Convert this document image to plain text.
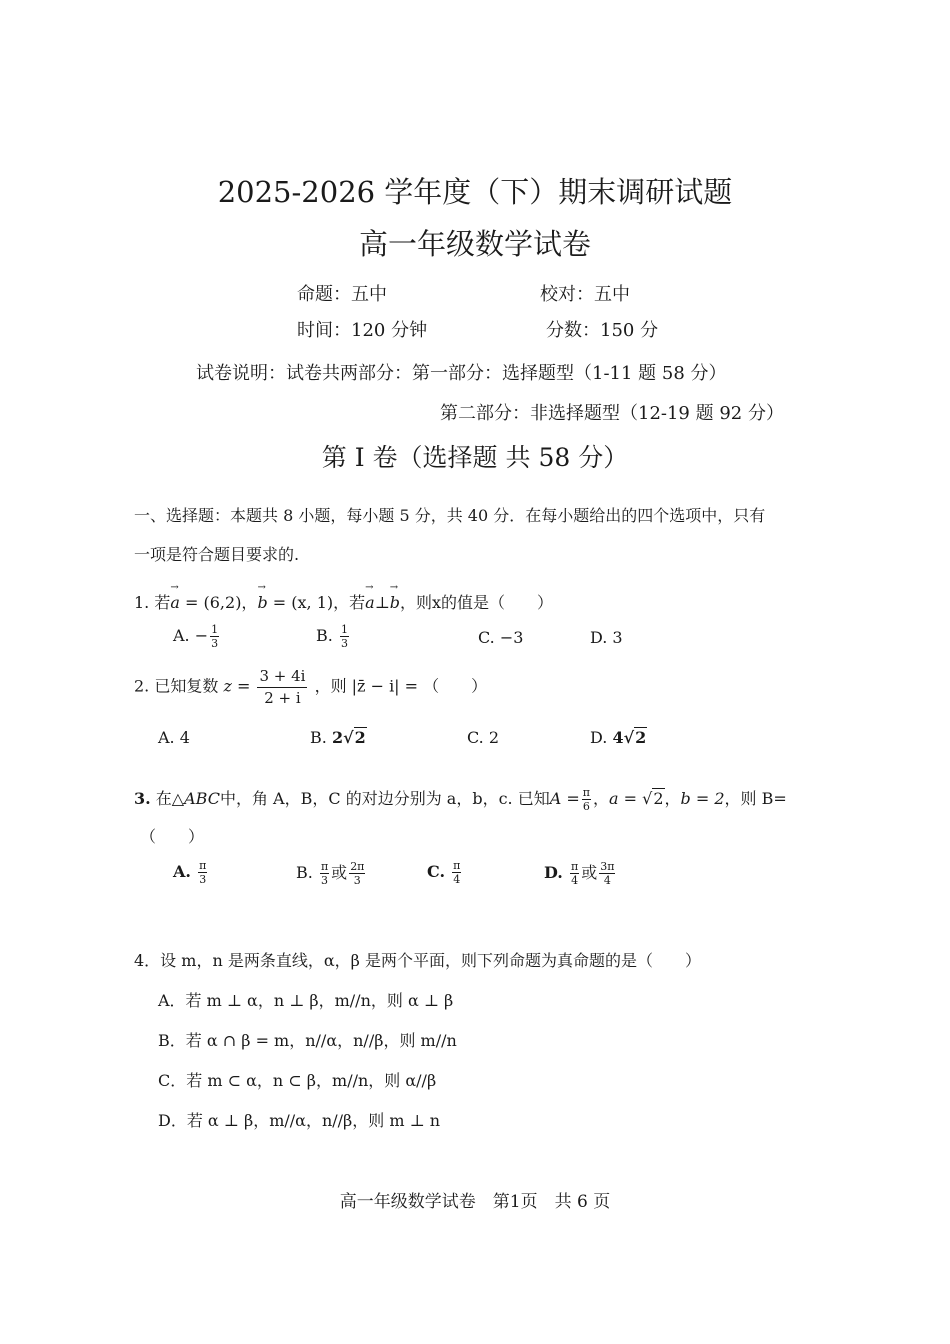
2025-2026 学年度（下）期末调研试题
高一年级数学试卷
命题：五中	校对：五中
时间：120 分钟	分数：150 分
试卷说明：试卷共两部分：第一部分：选择题型（1-11 题 58 分）
第二部分：非选择题型（12-19 题 92 分）
第 I 卷（选择题 共 58 分）
一、选择题：本题共 8 小题，每小题 5 分，共 40 分．在每小题给出的四个选项中，只有
一项是符合题目要求的.
1. 若a → = (6,2)，b → = (x, 1)，若a →⊥b →，则x的值是（　　）
A. − $\frac{1}{3}$	B. $\frac{1}{3}$	C. −3	D. 3
2. 已知复数 $z = \frac{3 + 4i}{2 + i}$ ，则 |z̄ − i| = （　　）
A. 4	B. 2√2	C. 2	D. 4√2
3. 在△ABC中，角 A，B，C 的对边分别为 a，b，c. 已知$A = \frac{\pi}{6}$ ，a = √2，b = 2，则 B=
（　　）
A. $\frac{\pi}{3}$	B. $\frac{\pi}{3}$ 或 $\frac{2\pi}{3}$	C. $\frac{\pi}{4}$	D. $\frac{\pi}{4}$ 或 $\frac{3\pi}{4}$
4．设 m，n 是两条直线，α，β 是两个平面，则下列命题为真命题的是（　　）
A．若 m ⊥ α，n ⊥ β，m//n，则 α ⊥ β
B．若 α ∩ β = m，n//α，n//β，则 m//n
C．若 m ⊂ α，n ⊂ β，m//n，则 α//β
D．若 α ⊥ β，m//α，n//β，则 m ⊥ n
高一年级数学试卷　第1页　共 6 页
